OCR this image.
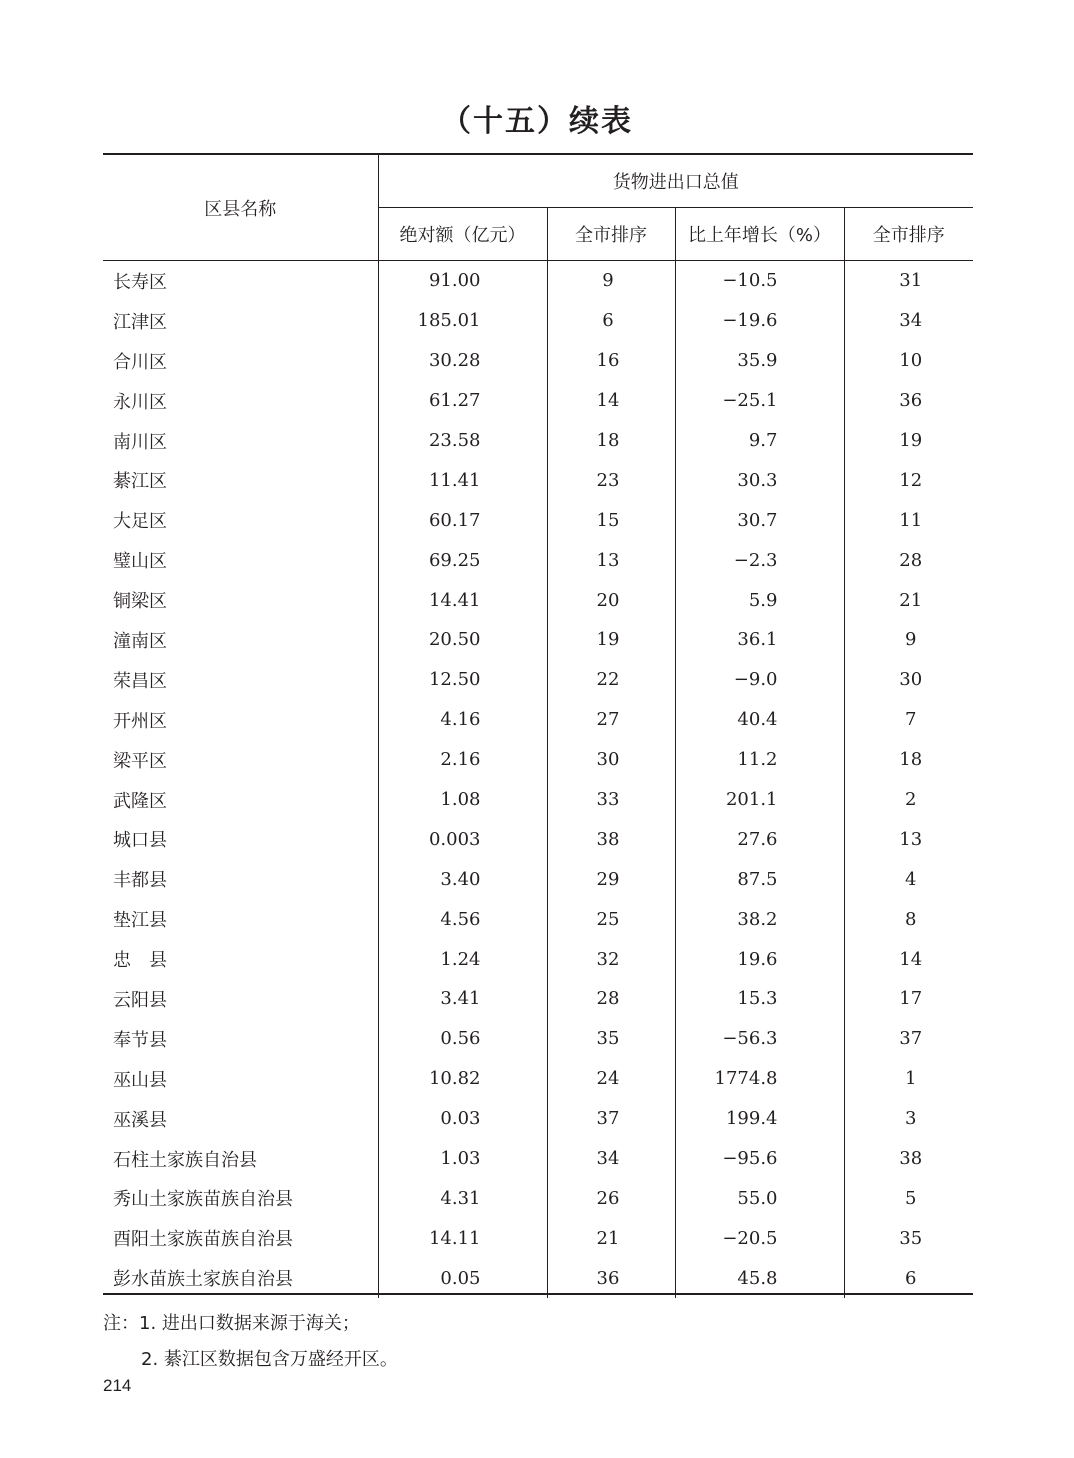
（十五）续表
区县名称	货物进出口总值			
	绝对额（亿元）	全市排序	比上年增长（%）	全市排序
长寿区	91.00	9	−10.5	31
江津区	185.01	6	−19.6	34
合川区	30.28	16	35.9	10
永川区	61.27	14	−25.1	36
南川区	23.58	18	9.7	19
綦江区	11.41	23	30.3	12
大足区	60.17	15	30.7	11
璧山区	69.25	13	−2.3	28
铜梁区	14.41	20	5.9	21
潼南区	20.50	19	36.1	9
荣昌区	12.50	22	−9.0	30
开州区	4.16	27	40.4	7
梁平区	2.16	30	11.2	18
武隆区	1.08	33	201.1	2
城口县	0.003	38	27.6	13
丰都县	3.40	29	87.5	4
垫江县	4.56	25	38.2	8
忠　县	1.24	32	19.6	14
云阳县	3.41	28	15.3	17
奉节县	0.56	35	−56.3	37
巫山县	10.82	24	1774.8	1
巫溪县	0.03	37	199.4	3
石柱土家族自治县	1.03	34	−95.6	38
秀山土家族苗族自治县	4.31	26	55.0	5
酉阳土家族苗族自治县	14.11	21	−20.5	35
彭水苗族土家族自治县	0.05	36	45.8	6
注：1. 进出口数据来源于海关；
2. 綦江区数据包含万盛经开区。
214
